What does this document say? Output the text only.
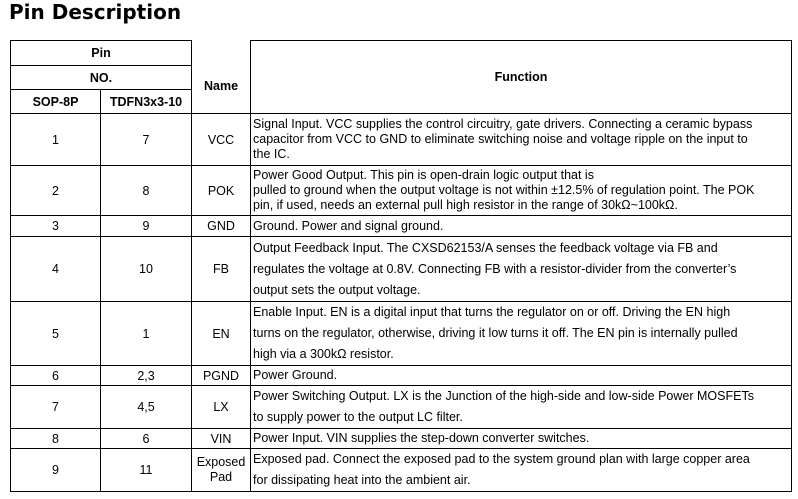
Pin Description
Pin		Name	Function
NO.			
SOP-8P	TDFN3x3-10		
1	7	VCC	Signal Input. VCC supplies the control circuitry, gate drivers. Connecting a ceramic bypass
capacitor from VCC to GND to eliminate switching noise and voltage ripple on the input to
the IC.

2	8	POK	Power Good Output. This pin is open-drain logic output that is
pulled to ground when the output voltage is not within ±12.5% of regulation point. The POK
pin, if used, needs an external pull high resistor in the range of 30kΩ~100kΩ.

3	9	GND	Ground. Power and signal ground.

4	10	FB	Output Feedback Input. The CXSD62153/A senses the feedback voltage via FB and
regulates the voltage at 0.8V. Connecting FB with a resistor-divider from the converter’s
output sets the output voltage.

5	1	EN	Enable Input. EN is a digital input that turns the regulator on or off. Driving the EN high
turns on the regulator, otherwise, driving it low turns it off. The EN pin is internally pulled
high via a 300kΩ resistor.

6	2,3	PGND	Power Ground.

7	4,5	LX	Power Switching Output. LX is the Junction of the high-side and low-side Power MOSFETs
to supply power to the output LC filter.

8	6	VIN	Power Input. VIN supplies the step-down converter switches.

9	11	Exposed Pad	Exposed pad. Connect the exposed pad to the system ground plan with large copper area
for dissipating heat into the ambient air.
